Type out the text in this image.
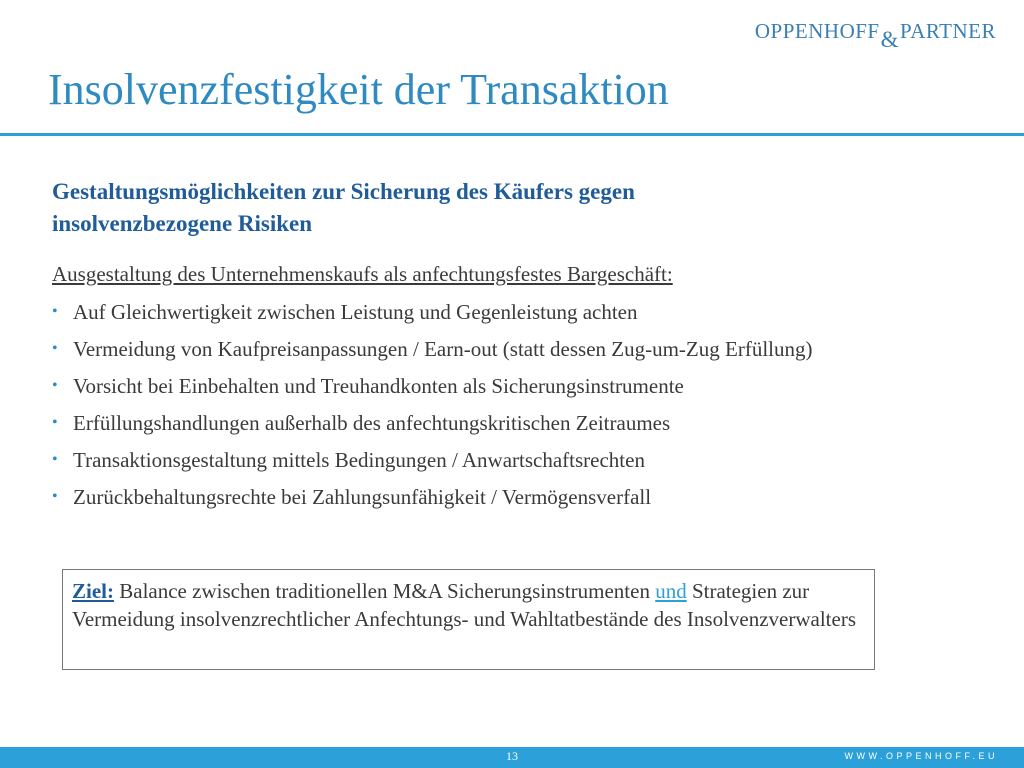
OPPENHOFF&PARTNER
Insolvenzfestigkeit der Transaktion
Gestaltungsmöglichkeiten zur Sicherung des Käufers gegen insolvenzbezogene Risiken
Ausgestaltung des Unternehmenskaufs als anfechtungsfestes Bargeschäft:
• Auf Gleichwertigkeit zwischen Leistung und Gegenleistung achten
• Vermeidung von Kaufpreisanpassungen / Earn-out (statt dessen Zug-um-Zug Erfüllung)
• Vorsicht bei Einbehalten und Treuhandkonten als Sicherungsinstrumente
• Erfüllungshandlungen außerhalb des anfechtungskritischen Zeitraumes
• Transaktionsgestaltung mittels Bedingungen / Anwartschaftsrechten
• Zurückbehaltungsrechte bei Zahlungsunfähigkeit / Vermögensverfall
Ziel: Balance zwischen traditionellen M&A Sicherungsinstrumenten und Strategien zur Vermeidung insolvenzrechtlicher Anfechtungs- und Wahltatbestände des Insolvenzverwalters
13	WWW.OPPENHOFF.EU
